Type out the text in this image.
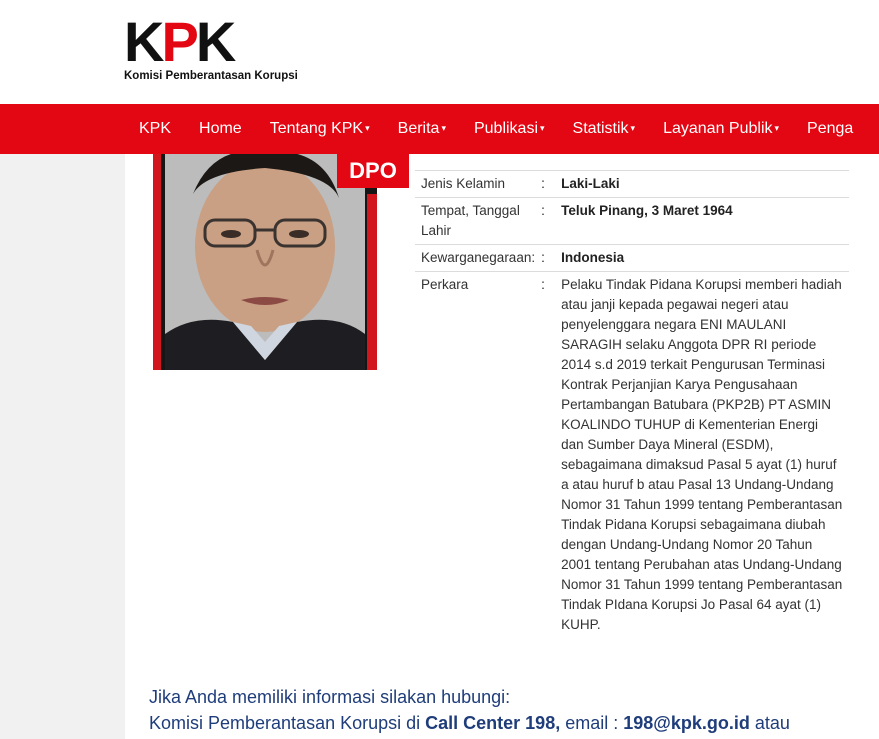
KPK
Komisi Pemberantasan Korupsi
KPK Home Tentang KPK ▾ Berita ▾ Publikasi ▾ Statistik ▾ Layanan Publik ▾ Penga
DPO
Jenis Kelamin	:	Laki-Laki
Tempat, Tanggal Lahir	:	Teluk Pinang, 3 Maret 1964
Kewarganegaraan:	:	Indonesia
Perkara	:	Pelaku Tindak Pidana Korupsi memberi hadiah atau janji kepada pegawai negeri atau penyelenggara negara ENI MAULANI SARAGIH selaku Anggota DPR RI periode 2014 s.d 2019 terkait Pengurusan Terminasi Kontrak Perjanjian Karya Pengusahaan Pertambangan Batubara (PKP2B) PT ASMIN KOALINDO TUHUP di Kementerian Energi dan Sumber Daya Mineral (ESDM), sebagaimana dimaksud Pasal 5 ayat (1) huruf a atau huruf b atau Pasal 13 Undang-Undang Nomor 31 Tahun 1999 tentang Pemberantasan Tindak Pidana Korupsi sebagaimana diubah dengan Undang-Undang Nomor 20 Tahun 2001 tentang Perubahan atas Undang-Undang Nomor 31 Tahun 1999 tentang Pemberantasan Tindak PIdana Korupsi Jo Pasal 64 ayat (1) KUHP.
Jika Anda memiliki informasi silakan hubungi:
Komisi Pemberantasan Korupsi di Call Center 198, email : 198@kpk.go.id atau
